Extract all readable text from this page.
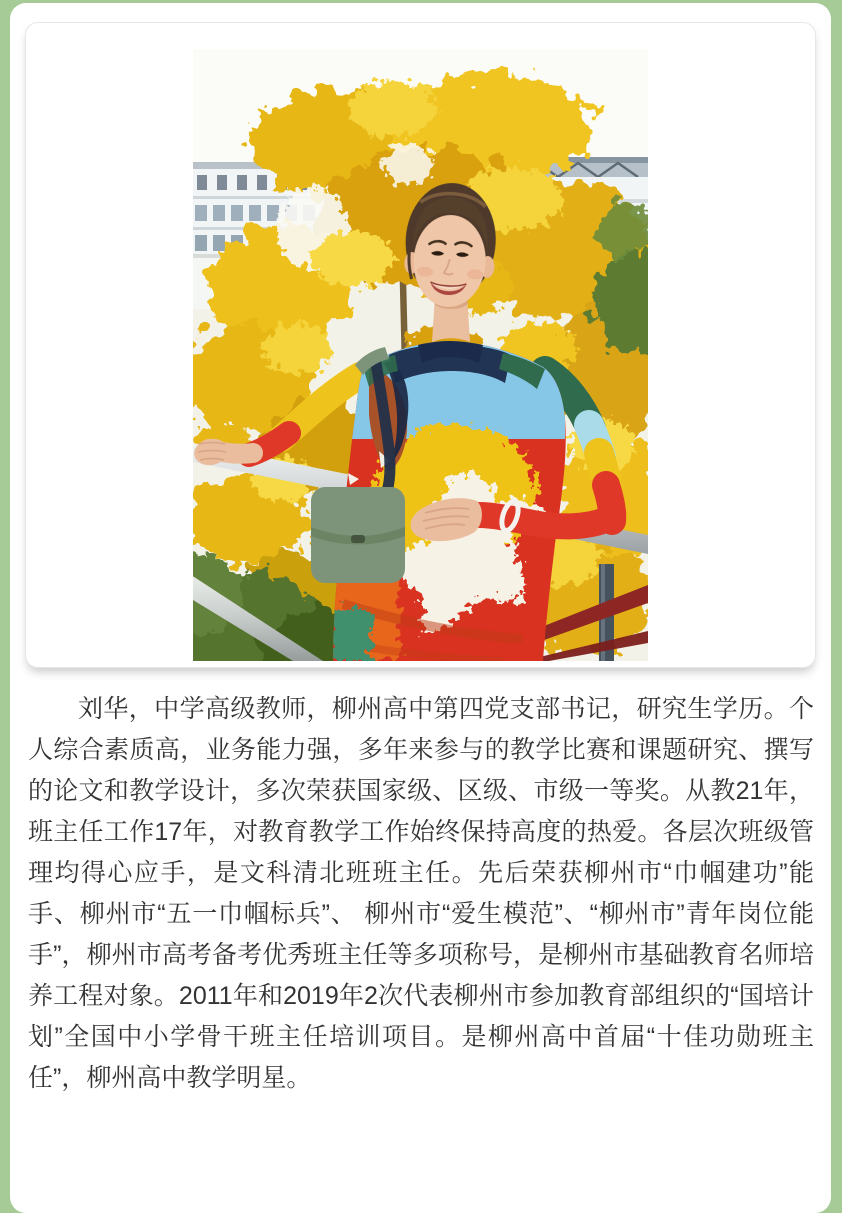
刘华，中学高级教师，柳州高中第四党支部书记，研究生学历。个人综合素质高，业务能力强，多年来参与的教学比赛和课题研究、撰写的论文和教学设计，多次荣获国家级、区级、市级一等奖。从教21年，班主任工作17年，对教育教学工作始终保持高度的热爱。各层次班级管理均得心应手，是文科清北班班主任。先后荣获柳州市“巾帼建功”能手、柳州市“五一巾帼标兵”、 柳州市“爱生模范”、“柳州市”青年岗位能手”，柳州市高考备考优秀班主任等多项称号，是柳州市基础教育名师培养工程对象。2011年和2019年2次代表柳州市参加教育部组织的“国培计划”全国中小学骨干班主任培训项目。是柳州高中首届“十佳功勋班主任”，柳州高中教学明星。
